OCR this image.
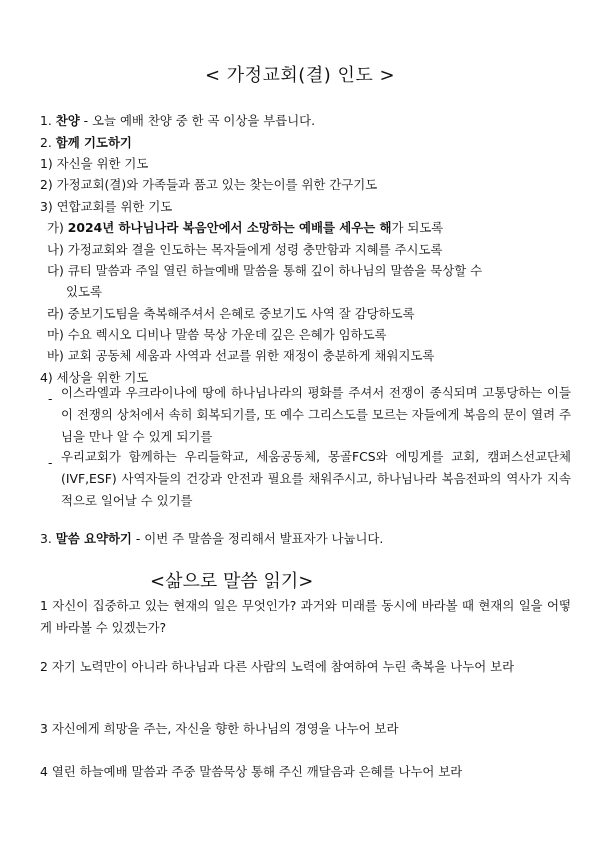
< 가정교회(결) 인도 >
1. 찬양 - 오늘 예배 찬양 중 한 곡 이상을 부릅니다.
2. 함께 기도하기
1) 자신을 위한 기도
2) 가정교회(결)와 가족들과 품고 있는 찾는이를 위한 간구기도
3) 연합교회를 위한 기도
가) 2024년 하나님나라 복음안에서 소망하는 예배를 세우는 해가 되도록
나) 가정교회와 결을 인도하는 목자들에게 성령 충만함과 지혜를 주시도록
다) 큐티 말씀과 주일 열린 하늘예배 말씀을 통해 깊이 하나님의 말씀을 묵상할 수
있도록
라) 중보기도팀을 축복해주셔서 은혜로 중보기도 사역 잘 감당하도록
마) 수요 렉시오 디비나 말씀 묵상 가운데 깊은 은혜가 임하도록
바) 교회 공동체 세움과 사역과 선교를 위한 재정이 충분하게 채워지도록
4) 세상을 위한 기도
- 이스라엘과 우크라이나에 땅에 하나님나라의 평화를 주셔서 전쟁이 종식되며 고통당하는 이들이 전쟁의 상처에서 속히 회복되기를, 또 예수 그리스도를 모르는 자들에게 복음의 문이 열려 주님을 만나 알 수 있게 되기를
- 우리교회가 함께하는 우리들학교, 세움공동체, 몽골FCS와 에밍게를 교회, 캠퍼스선교단체(IVF,ESF) 사역자들의 건강과 안전과 필요를 채워주시고, 하나님나라 복음전파의 역사가 지속적으로 일어날 수 있기를
3. 말씀 요약하기 - 이번 주 말씀을 정리해서 발표자가 나눕니다.
<삶으로 말씀 읽기>
1 자신이 집중하고 있는 현재의 일은 무엇인가? 과거와 미래를 동시에 바라볼 때 현재의 일을 어떻게 바라볼 수 있겠는가?
2 자기 노력만이 아니라 하나님과 다른 사람의 노력에 참여하여 누린 축복을 나누어 보라
3 자신에게 희망을 주는, 자신을 향한 하나님의 경영을 나누어 보라
4 열린 하늘예배 말씀과 주중 말씀묵상 통해 주신 깨달음과 은혜를 나누어 보라
